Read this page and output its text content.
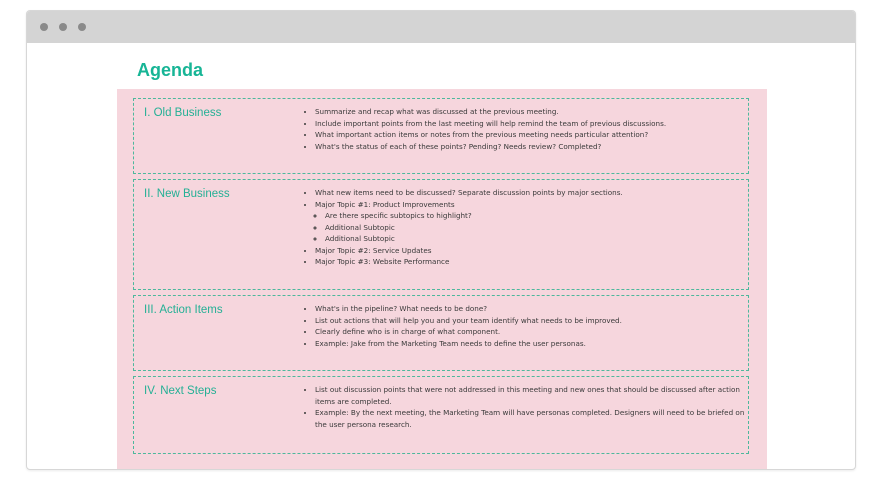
Agenda
I. Old Business	• Summarize and recap what was discussed at the previous meeting.
• Include important points from the last meeting will help remind the team of previous discussions.
• What important action items or notes from the previous meeting needs particular attention?
• What's the status of each of these points? Pending? Needs review? Completed?
II. New Business	• What new items need to be discussed? Separate discussion points by major sections.
• Major Topic #1: Product Improvements
◦ Are there specific subtopics to highlight?
◦ Additional Subtopic
◦ Additional Subtopic
• Major Topic #2: Service Updates
• Major Topic #3: Website Performance
III. Action Items	• What's in the pipeline? What needs to be done?
• List out actions that will help you and your team identify what needs to be improved.
• Clearly define who is in charge of what component.
• Example: Jake from the Marketing Team needs to define the user personas.
IV. Next Steps	• List out discussion points that were not addressed in this meeting and new ones that should be discussed after action items are completed.
• Example: By the next meeting, the Marketing Team will have personas completed. Designers will need to be briefed on the user persona research.
